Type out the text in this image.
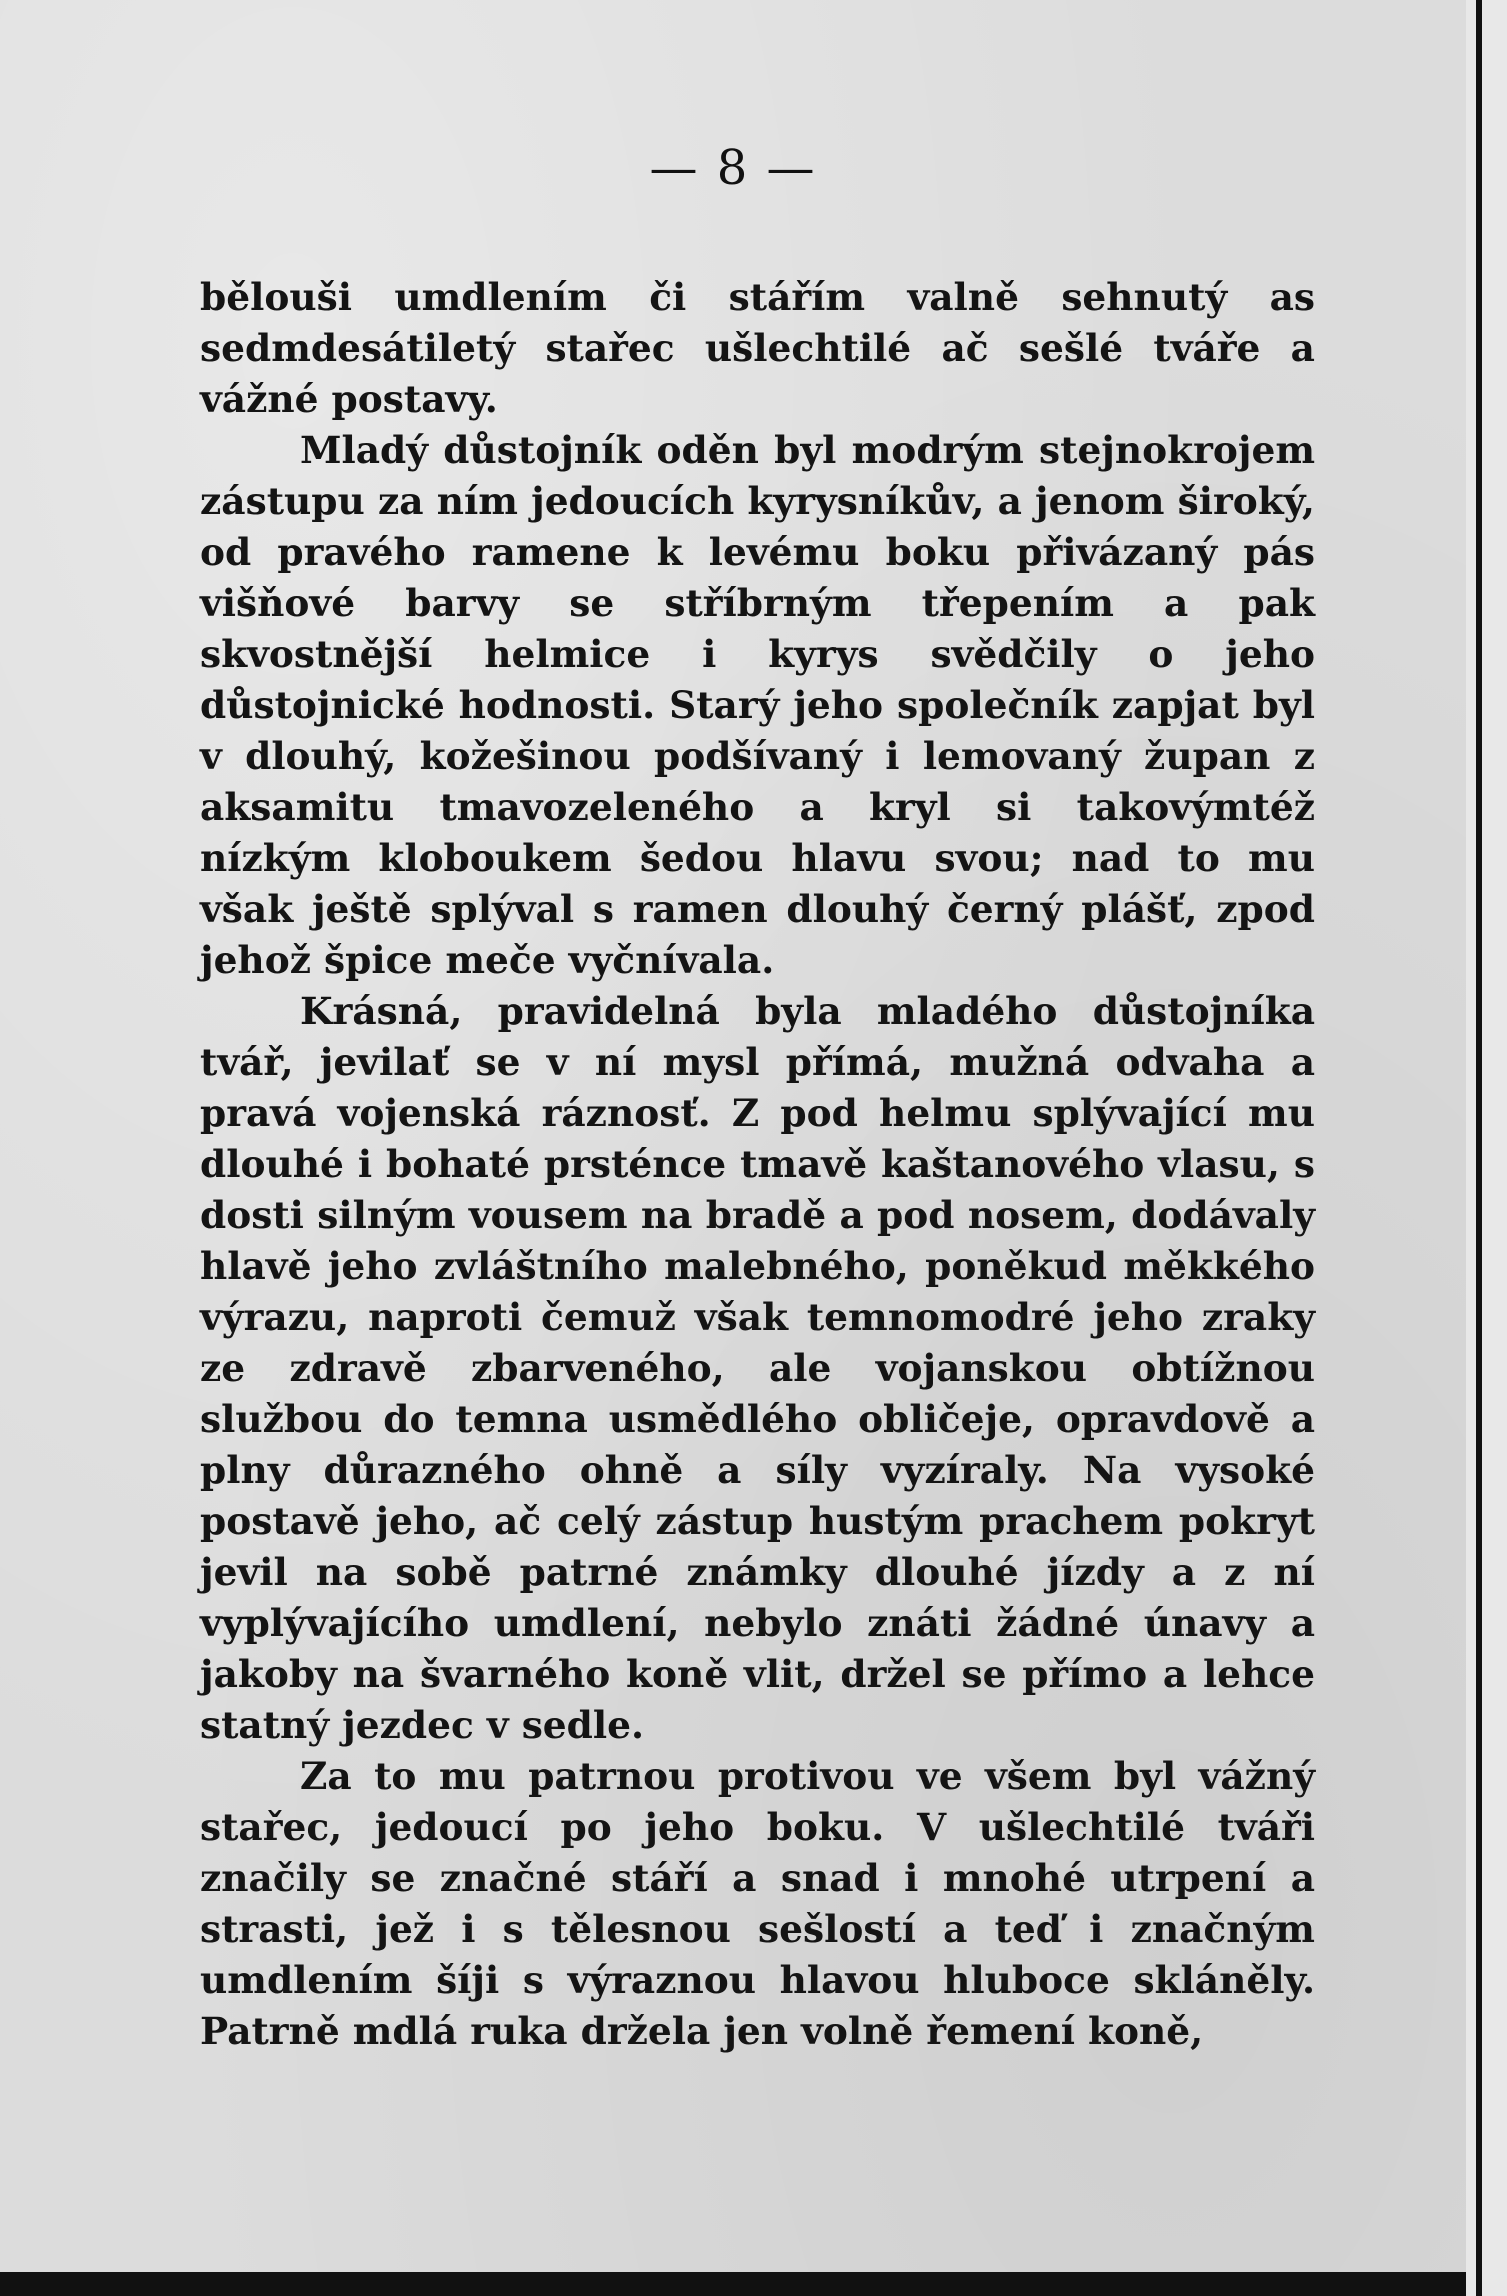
— 8 —

bělouši umdlením či stářím valně sehnutý as sedmdesátiletý stařec ušlechtilé ač sešlé tváře a vážné postavy.

Mladý důstojník oděn byl modrým stejnokrojem zástupu za ním jedoucích kyrysníkův, a jenom široký, od pravého ramene k levému boku přivázaný pás višňové barvy se stříbrným třepením a pak skvostnější helmice i kyrys svědčily o jeho důstojnické hodnosti. Starý jeho společník zapjat byl v dlouhý, kožešinou podšívaný i lemovaný župan z aksamitu tmavozeleného a kryl si takovýmtéž nízkým kloboukem šedou hlavu svou; nad to mu však ještě splýval s ramen dlouhý černý plášť, zpod jehož špice meče vyčnívala.

Krásná, pravidelná byla mladého důstojníka tvář, jevilať se v ní mysl přímá, mužná odvaha a pravá vojenská ráznosť. Z pod helmu splývající mu dlouhé i bohaté prsténce tmavě kaštanového vlasu, s dosti silným vousem na bradě a pod nosem, dodávaly hlavě jeho zvláštního malebného, poněkud měkkého výrazu, naproti čemuž však temnomodré jeho zraky ze zdravě zbarveného, ale vojanskou obtížnou službou do temna usmědlého obličeje, opravdově a plny důrazného ohně a síly vyzíraly. Na vysoké postavě jeho, ač celý zástup hustým prachem pokryt jevil na sobě patrné známky dlouhé jízdy a z ní vyplývajícího umdlení, nebylo znáti žádné únavy a jakoby na švarného koně vlit, držel se přímo a lehce statný jezdec v sedle.

Za to mu patrnou protivou ve všem byl vážný stařec, jedoucí po jeho boku. V ušlechtilé tváři značily se značné stáří a snad i mnohé utrpení a strasti, jež i s tělesnou sešlostí a teď i značným umdlením šíji s výraznou hlavou hluboce skláněly. Patrně mdlá ruka držela jen volně řemení koně,
